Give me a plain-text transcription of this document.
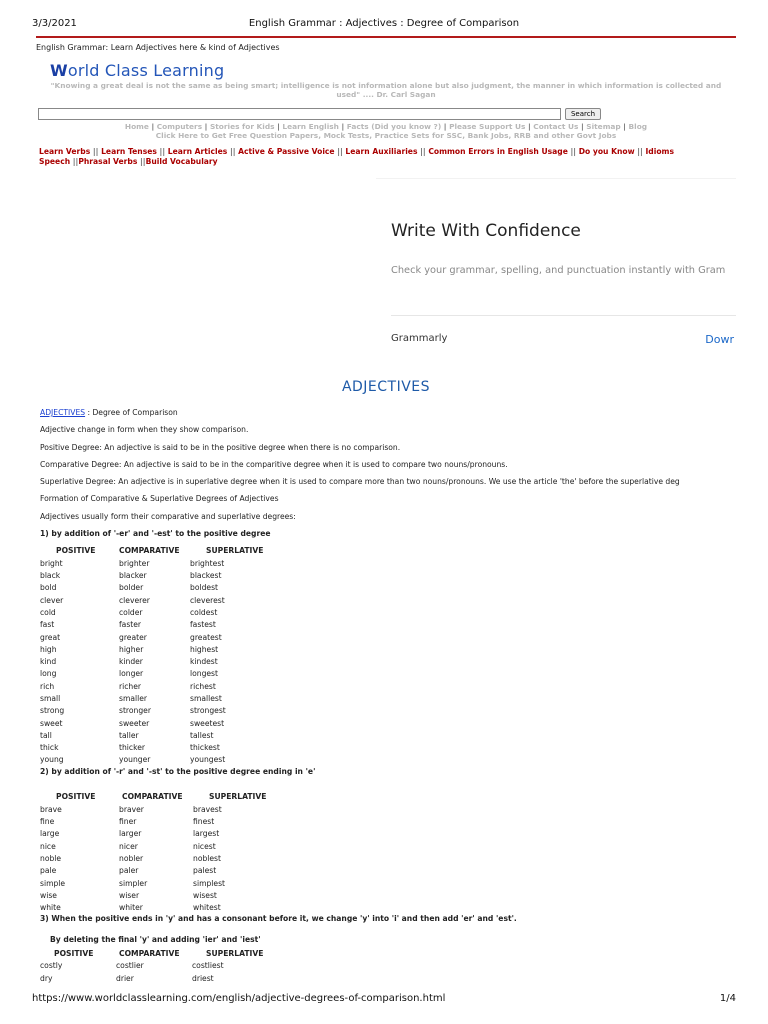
3/3/2021	English Grammar : Adjectives : Degree of Comparison
English Grammar: Learn Adjectives here & kind of Adjectives
World Class Learning
"Knowing a great deal is not the same as being smart; intelligence is not information alone but also judgment, the manner in which information is collected and used" .... Dr. Carl Sagan
Search
Home | Computers | Stories for Kids | Learn English | Facts (Did you know ?) | Please Support Us | Contact Us | Sitemap | Blog
Click Here to Get Free Question Papers, Mock Tests, Practice Sets for SSC, Bank Jobs, RRB and other Govt Jobs
Learn Verbs || Learn Tenses || Learn Articles || Active & Passive Voice || Learn Auxiliaries || Common Errors in English Usage || Do you Know || Idioms
Speech ||Phrasal Verbs ||Build Vocabulary
Write With Confidence
Check your grammar, spelling, and punctuation instantly with Gram
Grammarly	Dowr
ADJECTIVES
ADJECTIVES : Degree of Comparison
Adjective change in form when they show comparison.
Positive Degree: An adjective is said to be in the positive degree when there is no comparison.
Comparative Degree: An adjective is said to be in the comparitive degree when it is used to compare two nouns/pronouns.
Superlative Degree: An adjective is in superlative degree when it is used to compare more than two nouns/pronouns. We use the article 'the' before the superlative deg
Formation of Comparative & Superlative Degrees of Adjectives
Adjectives usually form their comparative and superlative degrees:
1) by addition of '-er' and '-est' to the positive degree
POSITIVE	COMPARATIVE	SUPERLATIVE
bright	brighter	brightest
black	blacker	blackest
bold	bolder	boldest
clever	cleverer	cleverest
cold	colder	coldest
fast	faster	fastest
great	greater	greatest
high	higher	highest
kind	kinder	kindest
long	longer	longest
rich	richer	richest
small	smaller	smallest
strong	stronger	strongest
sweet	sweeter	sweetest
tall	taller	tallest
thick	thicker	thickest
young	younger	youngest
2) by addition of '-r' and '-st' to the positive degree ending in 'e'
POSITIVE	COMPARATIVE	SUPERLATIVE
brave	braver	bravest
fine	finer	finest
large	larger	largest
nice	nicer	nicest
noble	nobler	noblest
pale	paler	palest
simple	simpler	simplest
wise	wiser	wisest
white	whiter	whitest
3) When the positive ends in 'y' and has a consonant before it, we change 'y' into 'i' and then add 'er' and 'est'.
By deleting the final 'y' and adding 'ier' and 'iest'
POSITIVE	COMPARATIVE	SUPERLATIVE
costly	costlier	costliest
dry	drier	driest
https://www.worldclasslearning.com/english/adjective-degrees-of-comparison.html	1/4
